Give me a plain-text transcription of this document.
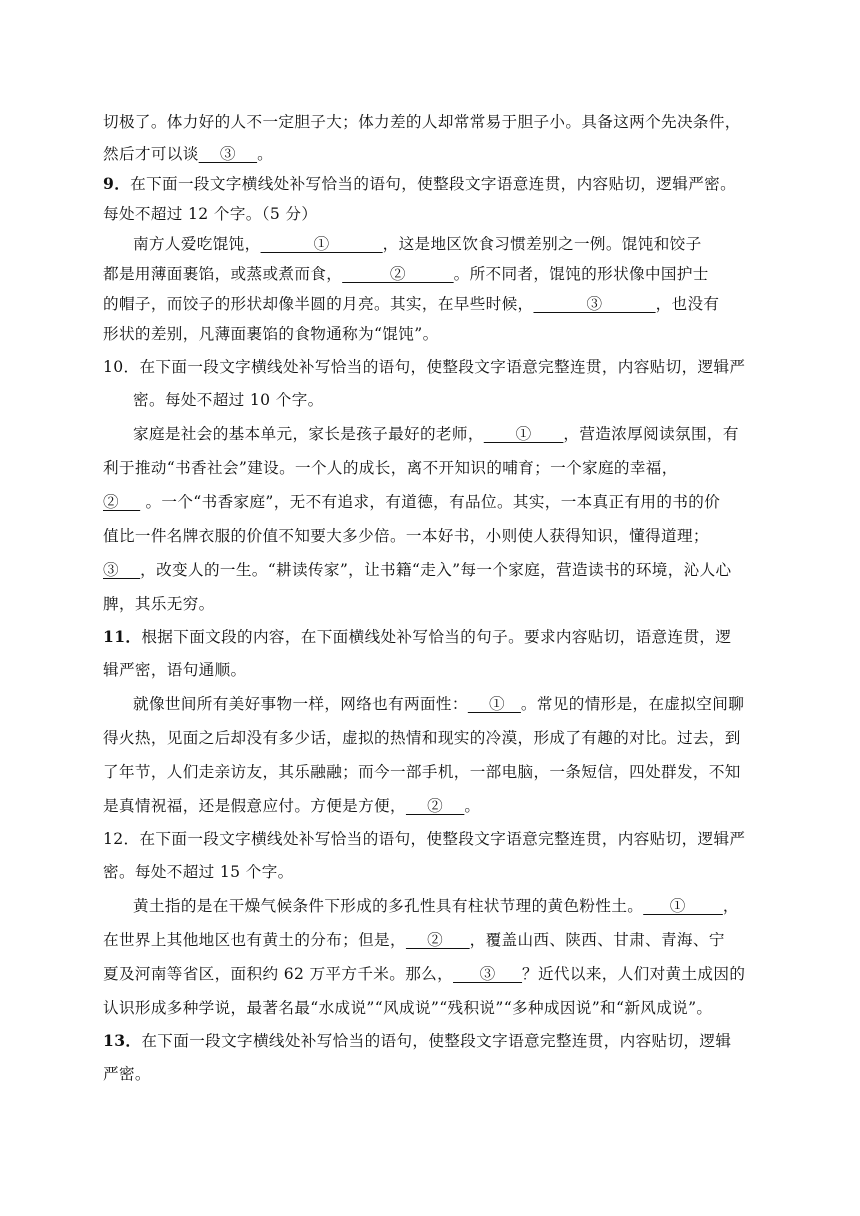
切极了。体力好的人不一定胆子大；体力差的人却常常易于胆子小。具备这两个先决条件，
然后才可以谈    ③    。
9．在下面一段文字横线处补写恰当的语句，使整段文字语意连贯，内容贴切，逻辑严密。
每处不超过 12 个字。（5 分）
南方人爱吃馄饨，          ①          ，这是地区饮食习惯差别之一例。馄饨和饺子
都是用薄面裹馅，或蒸或煮而食，         ②         。所不同者，馄饨的形状像中国护士
的帽子，而饺子的形状却像半圆的月亮。其实，在早些时候，          ③          ，也没有
形状的差别，凡薄面裹馅的食物通称为“馄饨”。
10．在下面一段文字横线处补写恰当的语句，使整段文字语意完整连贯，内容贴切，逻辑严
密。每处不超过 10 个字。
家庭是社会的基本单元，家长是孩子最好的老师，      ①      ，营造浓厚阅读氛围，有
利于推动“书香社会”建设。一个人的成长，离不开知识的哺育；一个家庭的幸福，
②     。一个“书香家庭”，无不有追求，有道德，有品位。其实，一本真正有用的书的价
值比一件名牌衣服的价值不知要大多少倍。一本好书，小则使人获得知识，懂得道理；
③    ，改变人的一生。“耕读传家”，让书籍“走入”每一个家庭，营造读书的环境，沁人心
脾，其乐无穷。
11．根据下面文段的内容，在下面横线处补写恰当的句子。要求内容贴切，语意连贯，逻
辑严密，语句通顺。
就像世间所有美好事物一样，网络也有两面性：    ①   。常见的情形是，在虚拟空间聊
得火热，见面之后却没有多少话，虚拟的热情和现实的冷漠，形成了有趣的对比。过去，到
了年节，人们走亲访友，其乐融融；而今一部手机，一部电脑，一条短信，四处群发，不知
是真情祝福，还是假意应付。方便是方便，    ②    。
12．在下面一段文字横线处补写恰当的语句，使整段文字语意完整连贯，内容贴切，逻辑严
密。每处不超过 15 个字。
黄土指的是在干燥气候条件下形成的多孔性具有柱状节理的黄色粉性土。     ①       ，
在世界上其他地区也有黄土的分布；但是，    ②     ，覆盖山西、陕西、甘肃、青海、宁
夏及河南等省区，面积约 62 万平方千米。那么，     ③     ？近代以来，人们对黄土成因的
认识形成多种学说，最著名最“水成说”“风成说”“残积说”“多种成因说”和“新风成说”。
13．在下面一段文字横线处补写恰当的语句，使整段文字语意完整连贯，内容贴切，逻辑
严密。
